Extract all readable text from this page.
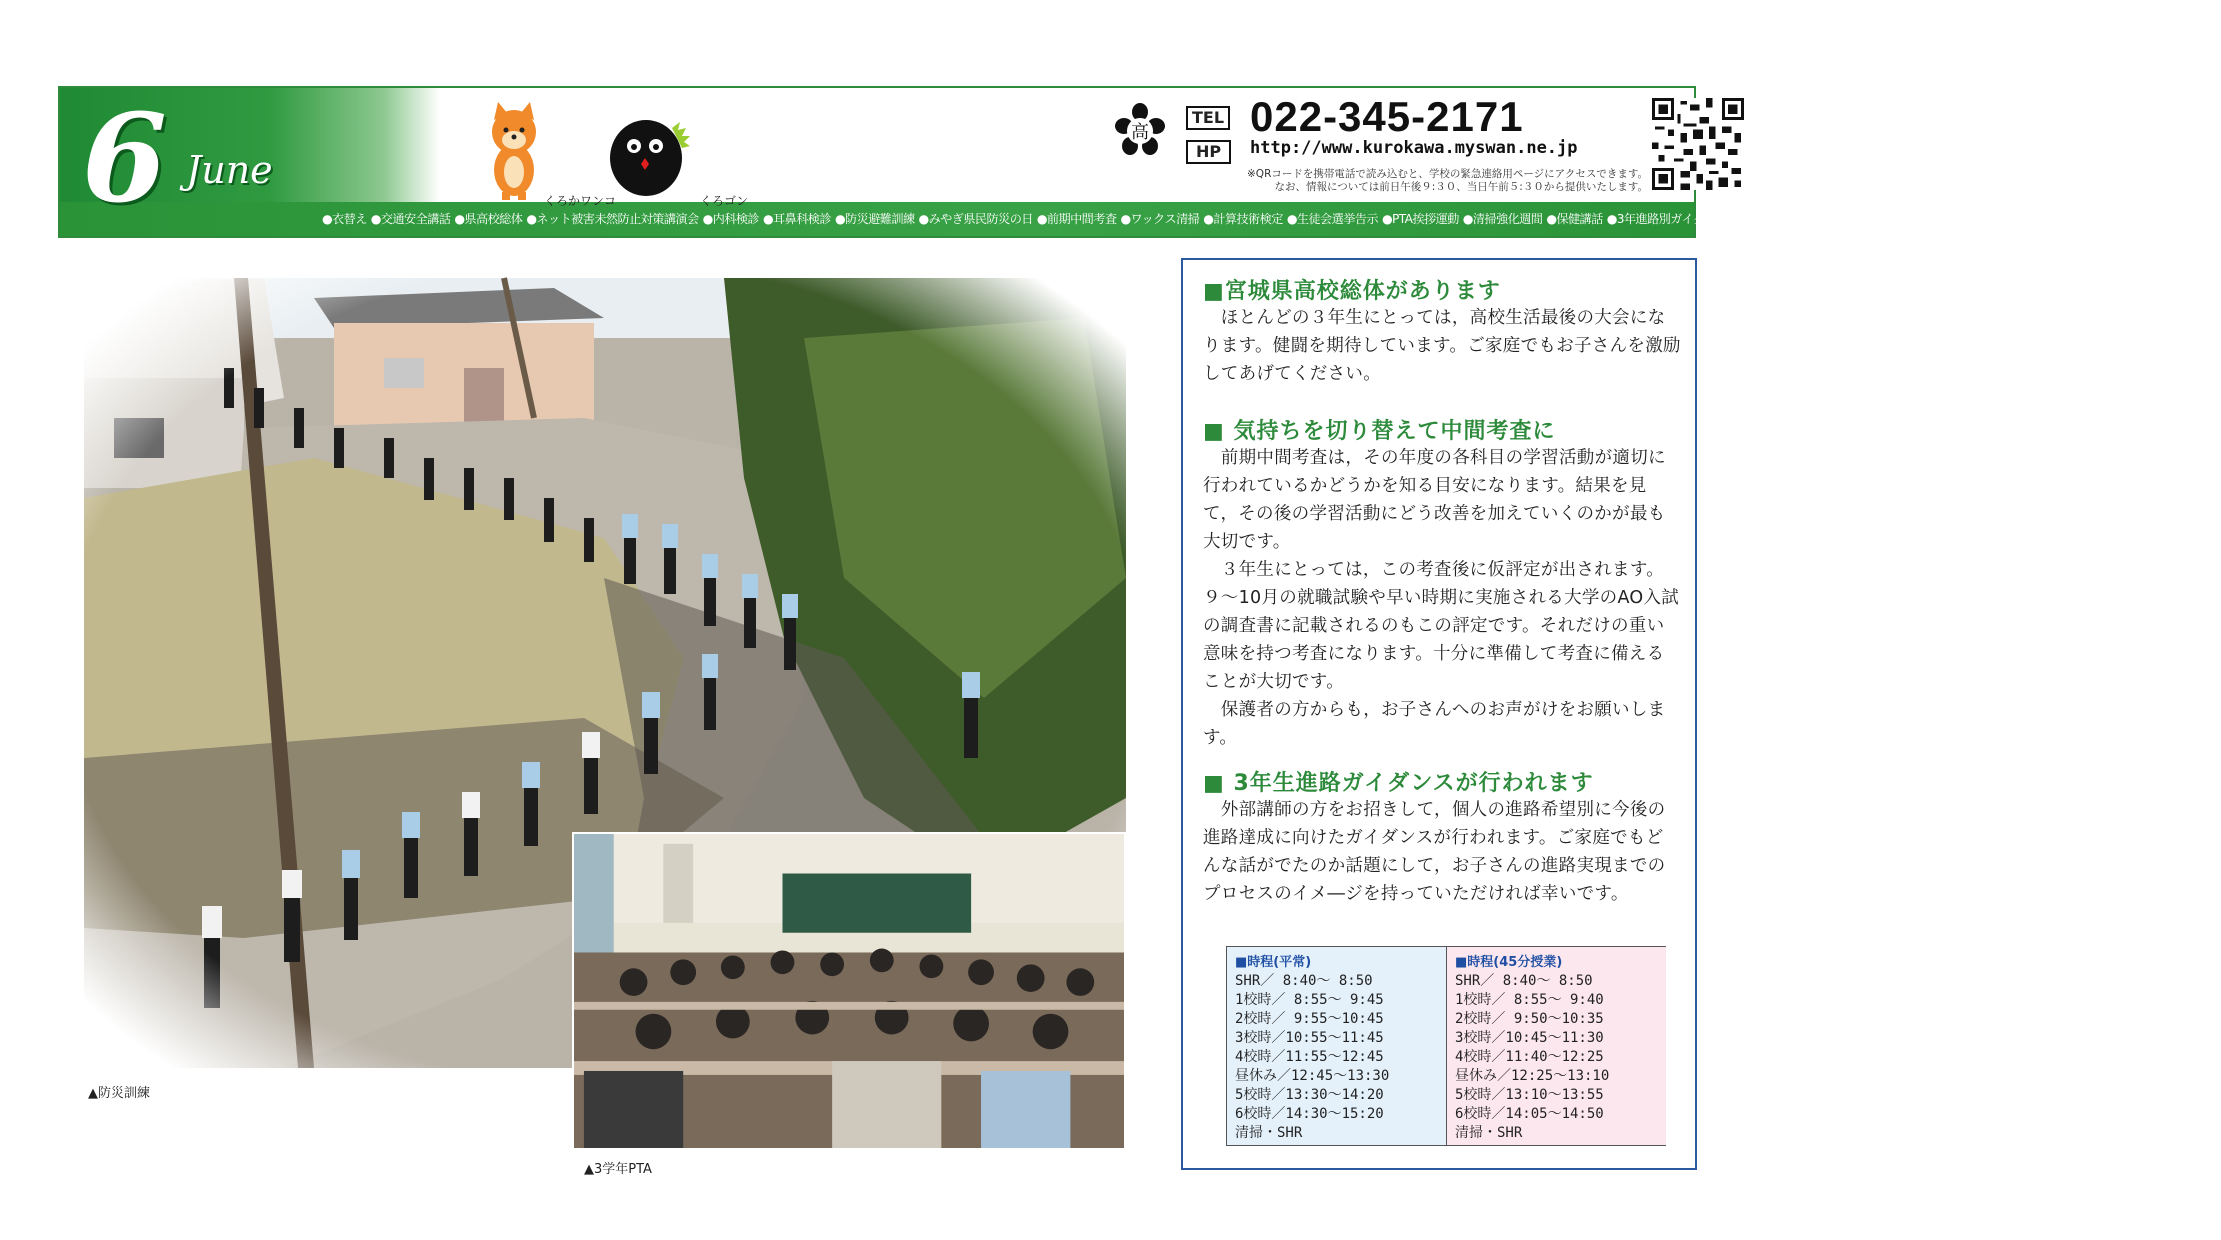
6 June
くろかワンコ	くろゴン
●衣替え ●交通安全講話 ●県高校総体 ●ネット被害未然防止対策講演会 ●内科検診 ●耳鼻科検診 ●防災避難訓練 ●みやぎ県民防災の日 ●前期中間考査 ●ワックス清掃 ●計算技術検定 ●生徒会選挙告示 ●PTA挨拶運動 ●清掃強化週間 ●保健講話 ●3年進路別ガイダンス ●3年進路別模試 ●情報技術検定 ●業界ガイダンス ●3学年就職希望予備調査 ●授業公開週間
高
TEL 022-345-2171
HP	http://www.kurokawa.myswan.ne.jp
※QRコードを携帯電話で読み込むと、学校の緊急連絡用ページにアクセスできます。
なお、情報については前日午後９:３０、当日午前５:３０から提供いたします。
▲防災訓練
▲3学年PTA
■宮城県高校総体があります

　ほとんどの３年生にとっては，高校生活最後の大会になります。健闘を期待しています。ご家庭でもお子さんを激励してあげてください。

■ 気持ちを切り替えて中間考査に

　前期中間考査は，その年度の各科目の学習活動が適切に行われているかどうかを知る目安になります。結果を見て，その後の学習活動にどう改善を加えていくのかが最も大切です。

　３年生にとっては，この考査後に仮評定が出されます。９～10月の就職試験や早い時期に実施される大学のAO入試の調査書に記載されるのもこの評定です。それだけの重い意味を持つ考査になります。十分に準備して考査に備えることが大切です。

　保護者の方からも，お子さんへのお声がけをお願いします。

■ 3年生進路ガイダンスが行われます

　外部講師の方をお招きして，個人の進路希望別に今後の進路達成に向けたガイダンスが行われます。ご家庭でもどんな話がでたのか話題にして，お子さんの進路実現までのプロセスのイメ―ジを持っていただければ幸いです。

■時程(平常)
SHR／ 8:40～ 8:50
1校時／ 8:55～ 9:45
2校時／ 9:55～10:45
3校時／10:55～11:45
4校時／11:55～12:45
昼休み／12:45～13:30
5校時／13:30～14:20
6校時／14:30～15:20
清掃・SHR
■時程(45分授業)
SHR／ 8:40～ 8:50
1校時／ 8:55～ 9:40
2校時／ 9:50～10:35
3校時／10:45～11:30
4校時／11:40～12:25
昼休み／12:25～13:10
5校時／13:10～13:55
6校時／14:05～14:50
清掃・SHR
